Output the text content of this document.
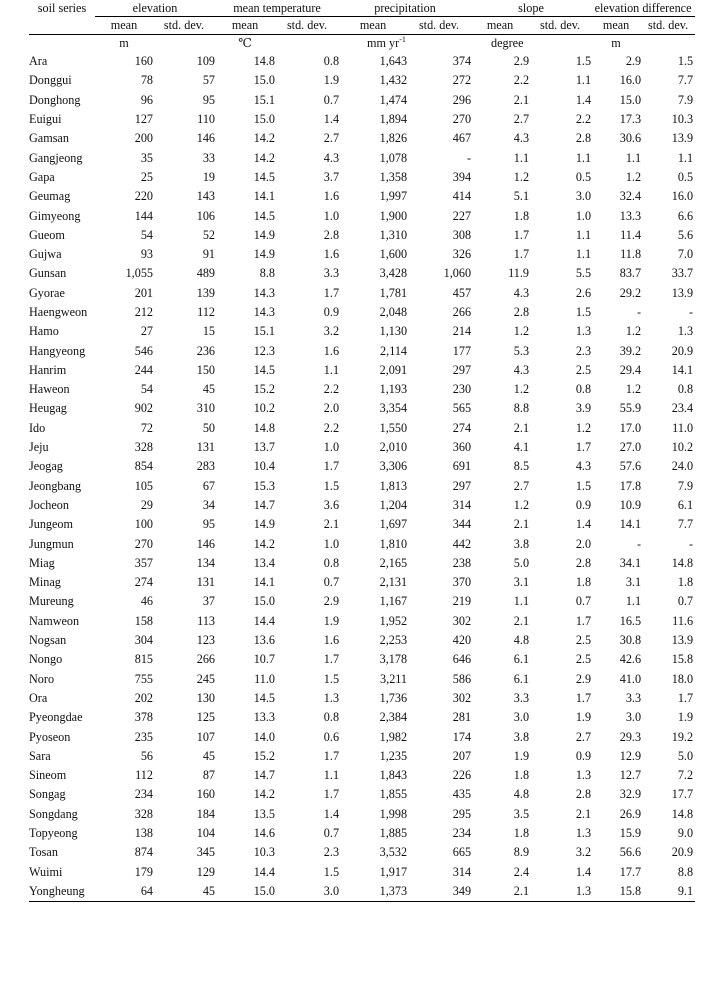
soil series	elevation		mean temperature		precipitation		slope		elevation difference	
	mean	std. dev.	mean	std. dev.	mean	std. dev.	mean	std. dev.	mean	std. dev.
	m		℃		mm $yr^{-1}$		degree		m	
Ara	160	109	14.8	0.8	1,643	374	2.9	1.5	2.9	1.5
Donggui	78	57	15.0	1.9	1,432	272	2.2	1.1	16.0	7.7
Donghong	96	95	15.1	0.7	1,474	296	2.1	1.4	15.0	7.9
Euigui	127	110	15.0	1.4	1,894	270	2.7	2.2	17.3	10.3
Gamsan	200	146	14.2	2.7	1,826	467	4.3	2.8	30.6	13.9
Gangjeong	35	33	14.2	4.3	1,078	-	1.1	1.1	1.1	1.1
Gapa	25	19	14.5	3.7	1,358	394	1.2	0.5	1.2	0.5
Geumag	220	143	14.1	1.6	1,997	414	5.1	3.0	32.4	16.0
Gimyeong	144	106	14.5	1.0	1,900	227	1.8	1.0	13.3	6.6
Gueom	54	52	14.9	2.8	1,310	308	1.7	1.1	11.4	5.6
Gujwa	93	91	14.9	1.6	1,600	326	1.7	1.1	11.8	7.0
Gunsan	1,055	489	8.8	3.3	3,428	1,060	11.9	5.5	83.7	33.7
Gyorae	201	139	14.3	1.7	1,781	457	4.3	2.6	29.2	13.9
Haengweon	212	112	14.3	0.9	2,048	266	2.8	1.5	-	-
Hamo	27	15	15.1	3.2	1,130	214	1.2	1.3	1.2	1.3
Hangyeong	546	236	12.3	1.6	2,114	177	5.3	2.3	39.2	20.9
Hanrim	244	150	14.5	1.1	2,091	297	4.3	2.5	29.4	14.1
Haweon	54	45	15.2	2.2	1,193	230	1.2	0.8	1.2	0.8
Heugag	902	310	10.2	2.0	3,354	565	8.8	3.9	55.9	23.4
Ido	72	50	14.8	2.2	1,550	274	2.1	1.2	17.0	11.0
Jeju	328	131	13.7	1.0	2,010	360	4.1	1.7	27.0	10.2
Jeogag	854	283	10.4	1.7	3,306	691	8.5	4.3	57.6	24.0
Jeongbang	105	67	15.3	1.5	1,813	297	2.7	1.5	17.8	7.9
Jocheon	29	34	14.7	3.6	1,204	314	1.2	0.9	10.9	6.1
Jungeom	100	95	14.9	2.1	1,697	344	2.1	1.4	14.1	7.7
Jungmun	270	146	14.2	1.0	1,810	442	3.8	2.0	-	-
Miag	357	134	13.4	0.8	2,165	238	5.0	2.8	34.1	14.8
Minag	274	131	14.1	0.7	2,131	370	3.1	1.8	3.1	1.8
Mureung	46	37	15.0	2.9	1,167	219	1.1	0.7	1.1	0.7
Namweon	158	113	14.4	1.9	1,952	302	2.1	1.7	16.5	11.6
Nogsan	304	123	13.6	1.6	2,253	420	4.8	2.5	30.8	13.9
Nongo	815	266	10.7	1.7	3,178	646	6.1	2.5	42.6	15.8
Noro	755	245	11.0	1.5	3,211	586	6.1	2.9	41.0	18.0
Ora	202	130	14.5	1.3	1,736	302	3.3	1.7	3.3	1.7
Pyeongdae	378	125	13.3	0.8	2,384	281	3.0	1.9	3.0	1.9
Pyoseon	235	107	14.0	0.6	1,982	174	3.8	2.7	29.3	19.2
Sara	56	45	15.2	1.7	1,235	207	1.9	0.9	12.9	5.0
Sineom	112	87	14.7	1.1	1,843	226	1.8	1.3	12.7	7.2
Songag	234	160	14.2	1.7	1,855	435	4.8	2.8	32.9	17.7
Songdang	328	184	13.5	1.4	1,998	295	3.5	2.1	26.9	14.8
Topyeong	138	104	14.6	0.7	1,885	234	1.8	1.3	15.9	9.0
Tosan	874	345	10.3	2.3	3,532	665	8.9	3.2	56.6	20.9
Wuimi	179	129	14.4	1.5	1,917	314	2.4	1.4	17.7	8.8
Yongheung	64	45	15.0	3.0	1,373	349	2.1	1.3	15.8	9.1
